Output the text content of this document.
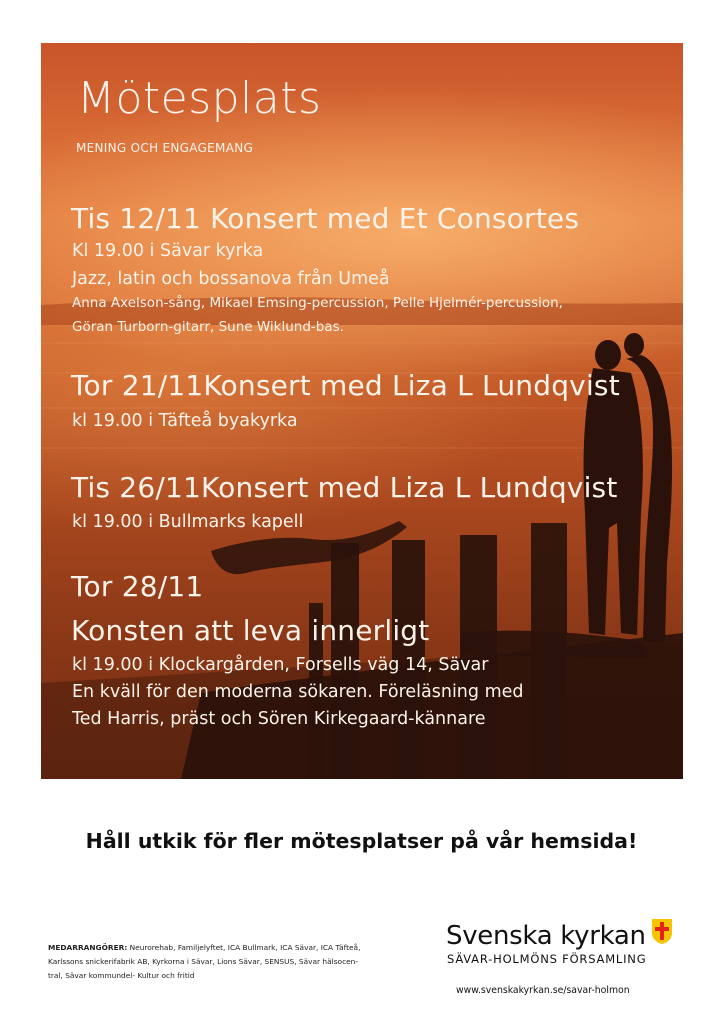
Mötesplats
MENING OCH ENGAGEMANG
Tis 12/11 Konsert med Et Consortes
Kl 19.00 i Sävar kyrka
Jazz, latin och bossanova från Umeå
Anna Axelson-sång, Mikael Emsing-percussion, Pelle Hjelmér-percussion,
Göran Turborn-gitarr, Sune Wiklund-bas.
Tor 21/11Konsert med Liza L Lundqvist
kl 19.00 i Täfteå byakyrka
Tis 26/11Konsert med Liza L Lundqvist
kl 19.00 i Bullmarks kapell
Tor 28/11
Konsten att leva innerligt
kl 19.00 i Klockargården, Forsells väg 14, Sävar
En kväll för den moderna sökaren. Föreläsning med
Ted Harris, präst och Sören Kirkegaard-kännare
Håll utkik för fler mötesplatser på vår hemsida!
MEDARRANGÖRER: Neurorehab, Familjelyftet, ICA Bullmark, ICA Sävar, ICA Täfteå,
Karlssons snickerifabrik AB, Kyrkorna i Sävar, Lions Sävar, SENSUS, Sävar hälsocen-
tral, Sävar kommundel- Kultur och fritid
Svenska kyrkan
SÄVAR-HOLMÖNS FÖRSAMLING
www.svenskakyrkan.se/savar-holmon
